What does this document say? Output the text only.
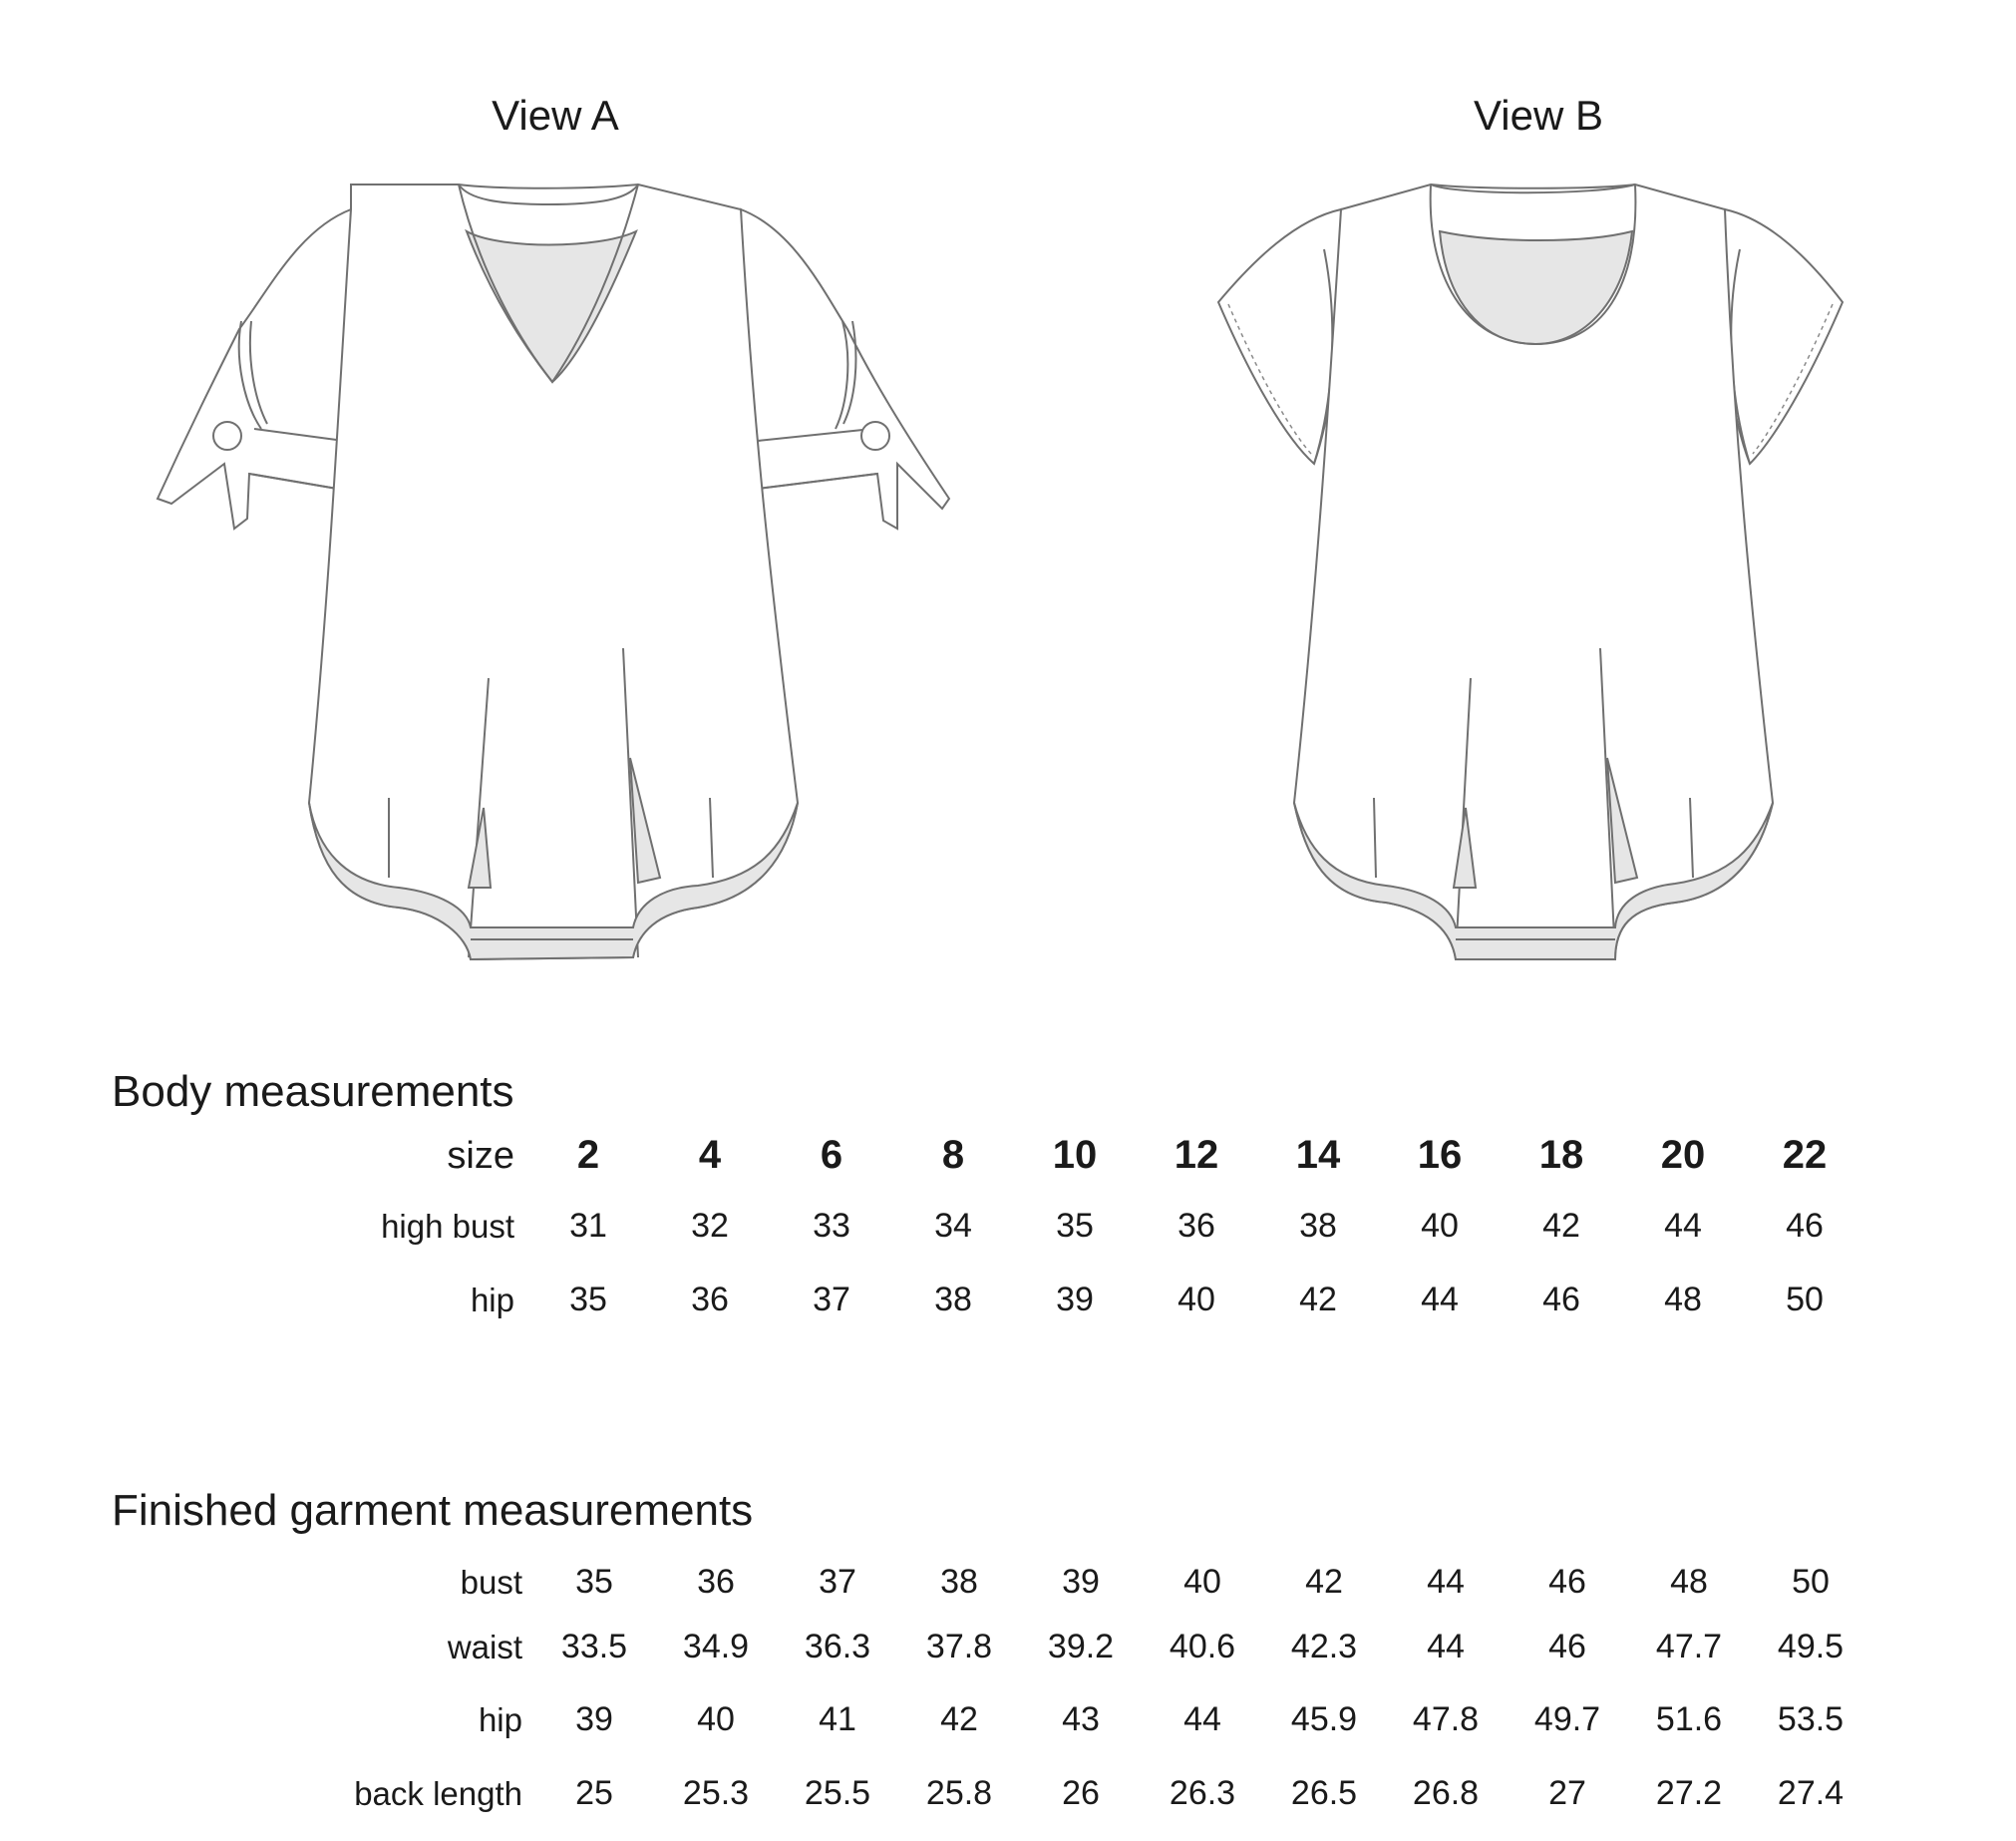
View A	View B
Body measurements
size	2	4	6	8	10	12	14	16	18	20	22
high bust	31	32	33	34	35	36	38	40	42	44	46
hip	35	36	37	38	39	40	42	44	46	48	50
Finished garment measurements
bust	35	36	37	38	39	40	42	44	46	48	50
waist	33.5	34.9	36.3	37.8	39.2	40.6	42.3	44	46	47.7	49.5
hip	39	40	41	42	43	44	45.9	47.8	49.7	51.6	53.5
back length	25	25.3	25.5	25.8	26	26.3	26.5	26.8	27	27.2	27.4
